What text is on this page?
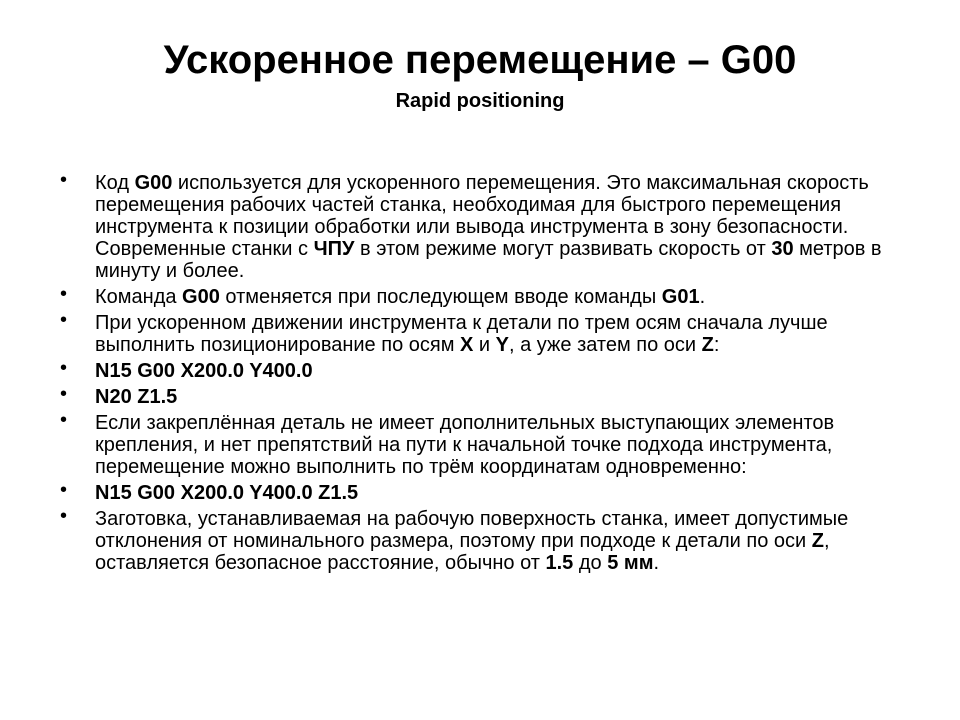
Ускоренное перемещение – G00
Rapid positioning
• Код G00 используется для ускоренного перемещения. Это максимальная скорость перемещения рабочих частей станка, необходимая для быстрого перемещения инструмента к позиции обработки или вывода инструмента в зону безопасности. Современные станки с ЧПУ в этом режиме могут развивать скорость от 30 метров в минуту и более.
• Команда G00 отменяется при последующем вводе команды G01.
• При ускоренном движении инструмента к детали по трем осям сначала лучше выполнить позиционирование по осям X и Y, а уже затем по оси Z:
• N15 G00 X200.0 Y400.0
• N20 Z1.5
• Если закреплённая деталь не имеет дополнительных выступающих элементов крепления, и нет препятствий на пути к начальной точке подхода инструмента, перемещение можно выполнить по трём координатам одновременно:
• N15 G00 X200.0 Y400.0 Z1.5
• Заготовка, устанавливаемая на рабочую поверхность станка, имеет допустимые отклонения от номинального размера, поэтому при подходе к детали по оси Z, оставляется безопасное расстояние, обычно от 1.5 до 5 мм.
